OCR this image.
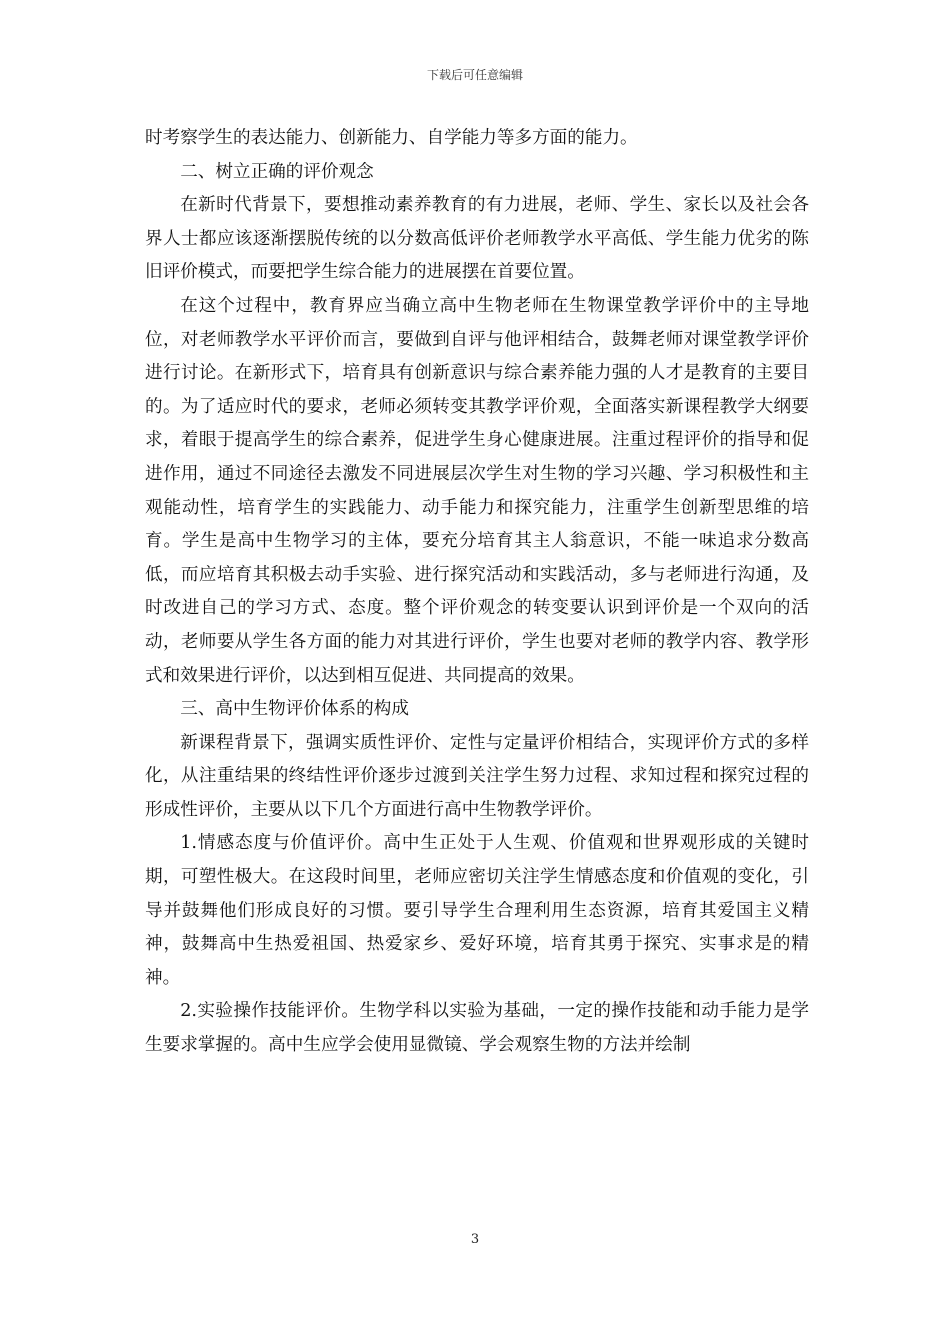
下载后可任意编辑

时考察学生的表达能力、创新能力、自学能力等多方面的能力。

二、树立正确的评价观念

在新时代背景下，要想推动素养教育的有力进展，老师、学生、家长以及社会各界人士都应该逐渐摆脱传统的以分数高低评价老师教学水平高低、学生能力优劣的陈旧评价模式，而要把学生综合能力的进展摆在首要位置。

在这个过程中，教育界应当确立高中生物老师在生物课堂教学评价中的主导地位，对老师教学水平评价而言，要做到自评与他评相结合，鼓舞老师对课堂教学评价进行讨论。在新形式下，培育具有创新意识与综合素养能力强的人才是教育的主要目的。为了适应时代的要求，老师必须转变其教学评价观，全面落实新课程教学大纲要求，着眼于提高学生的综合素养，促进学生身心健康进展。注重过程评价的指导和促进作用，通过不同途径去激发不同进展层次学生对生物的学习兴趣、学习积极性和主观能动性，培育学生的实践能力、动手能力和探究能力，注重学生创新型思维的培育。学生是高中生物学习的主体，要充分培育其主人翁意识，不能一味追求分数高低，而应培育其积极去动手实验、进行探究活动和实践活动，多与老师进行沟通，及时改进自己的学习方式、态度。整个评价观念的转变要认识到评价是一个双向的活动，老师要从学生各方面的能力对其进行评价，学生也要对老师的教学内容、教学形式和效果进行评价，以达到相互促进、共同提高的效果。

三、高中生物评价体系的构成

新课程背景下，强调实质性评价、定性与定量评价相结合，实现评价方式的多样化，从注重结果的终结性评价逐步过渡到关注学生努力过程、求知过程和探究过程的形成性评价，主要从以下几个方面进行高中生物教学评价。

1.情感态度与价值评价。高中生正处于人生观、价值观和世界观形成的关键时期，可塑性极大。在这段时间里，老师应密切关注学生情感态度和价值观的变化，引导并鼓舞他们形成良好的习惯。要引导学生合理利用生态资源，培育其爱国主义精神，鼓舞高中生热爱祖国、热爱家乡、爱好环境，培育其勇于探究、实事求是的精神。

2.实验操作技能评价。生物学科以实验为基础，一定的操作技能和动手能力是学生要求掌握的。高中生应学会使用显微镜、学会观察生物的方法并绘制

3
